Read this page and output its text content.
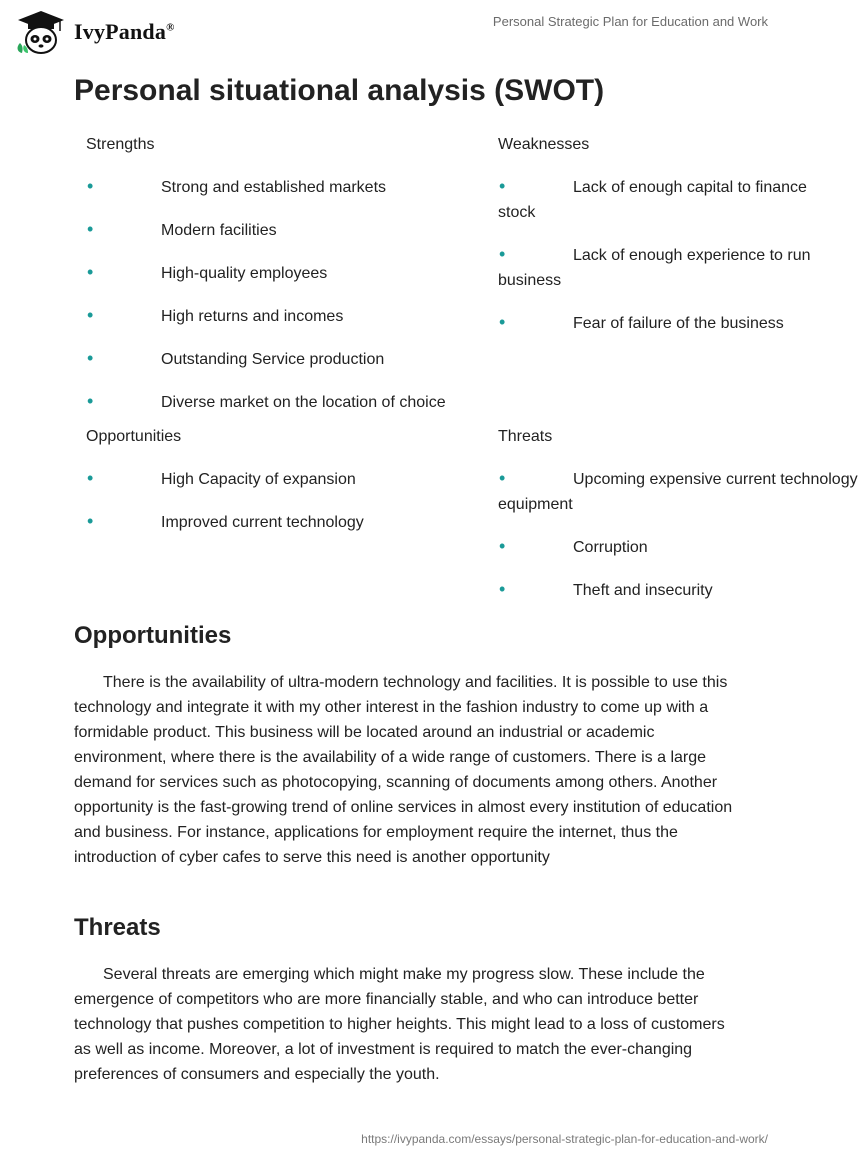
IvyPanda®	Personal Strategic Plan for Education and Work
Personal situational analysis (SWOT)
Strengths
•Strong and established markets
•Modern facilities
•High-quality employees
•High returns and incomes
•Outstanding Service production
•Diverse market on the location of choice
Weaknesses
•Lack of enough capital to finance
stock
•Lack of enough experience to run
business
•Fear of failure of the business
Opportunities
•High Capacity of expansion
•Improved current technology
Threats
•Upcoming expensive current technology
equipment
•Corruption
•Theft and insecurity
Opportunities

There is the availability of ultra-modern technology and facilities. It is possible to use this technology and integrate it with my other interest in the fashion industry to come up with a formidable product. This business will be located around an industrial or academic environment, where there is the availability of a wide range of customers. There is a large demand for services such as photocopying, scanning of documents among others. Another opportunity is the fast-growing trend of online services in almost every institution of education and business. For instance, applications for employment require the internet, thus the introduction of cyber cafes to serve this need is another opportunity

Threats

Several threats are emerging which might make my progress slow. These include the emergence of competitors who are more financially stable, and who can introduce better technology that pushes competition to higher heights. This might lead to a loss of customers as well as income. Moreover, a lot of investment is required to match the ever-changing preferences of consumers and especially the youth.

https://ivypanda.com/essays/personal-strategic-plan-for-education-and-work/
